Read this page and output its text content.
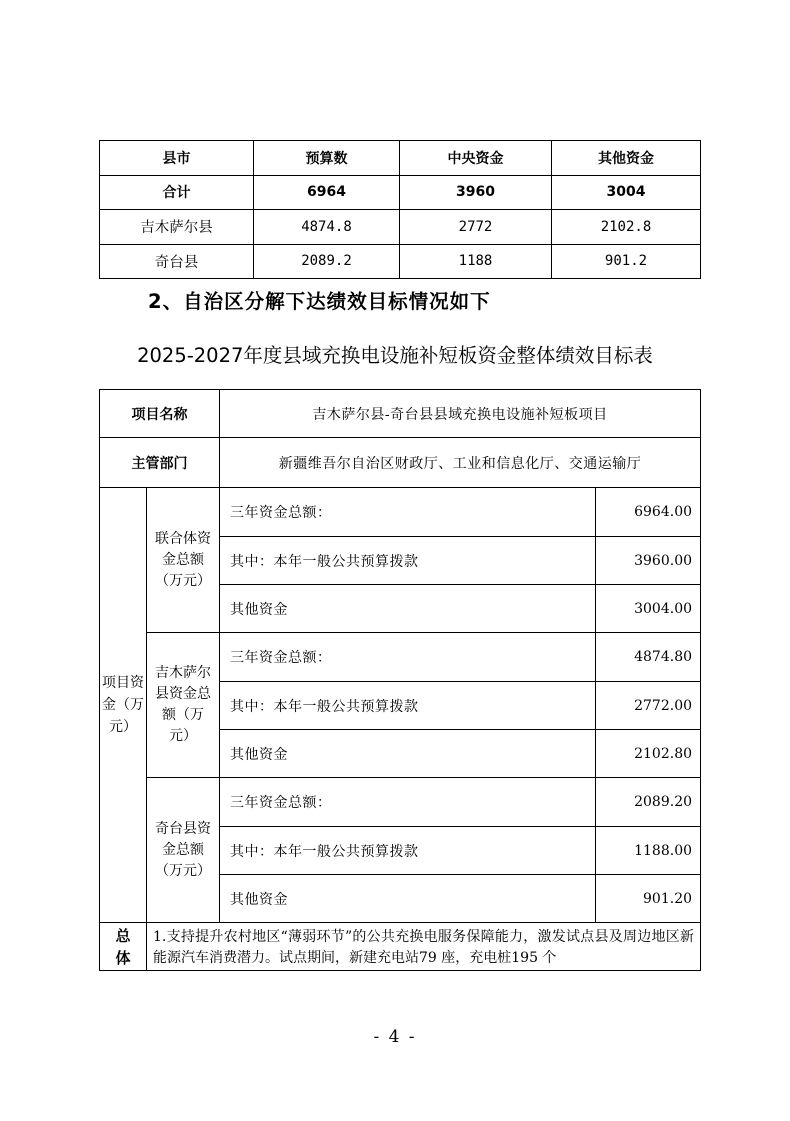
县市	预算数	中央资金	其他资金
合计	6964	3960	3004
吉木萨尔县	4874.8	2772	2102.8
奇台县	2089.2	1188	901.2
2、自治区分解下达绩效目标情况如下
2025-2027年度县域充换电设施补短板资金整体绩效目标表
项目名称		吉木萨尔县-奇台县县域充换电设施补短板项目	
主管部门		新疆维吾尔自治区财政厅、工业和信息化厅、交通运输厅	
项目资金（万元）	联合体资金总额（万元）	三年资金总额：	6964.00
		其中：本年一般公共预算拨款	3960.00
		其他资金	3004.00
	吉木萨尔县资金总额（万元）	三年资金总额：	4874.80
		其中：本年一般公共预算拨款	2772.00
		其他资金	2102.80
	奇台县资金总额（万元）	三年资金总额：	2089.20
		其中：本年一般公共预算拨款	1188.00
		其他资金	901.20
总体	1.支持提升农村地区“薄弱环节”的公共充换电服务保障能力，激发试点县及周边地区新能源汽车消费潜力。试点期间，新建充电站79 座，充电桩195 个		
- 4 -
